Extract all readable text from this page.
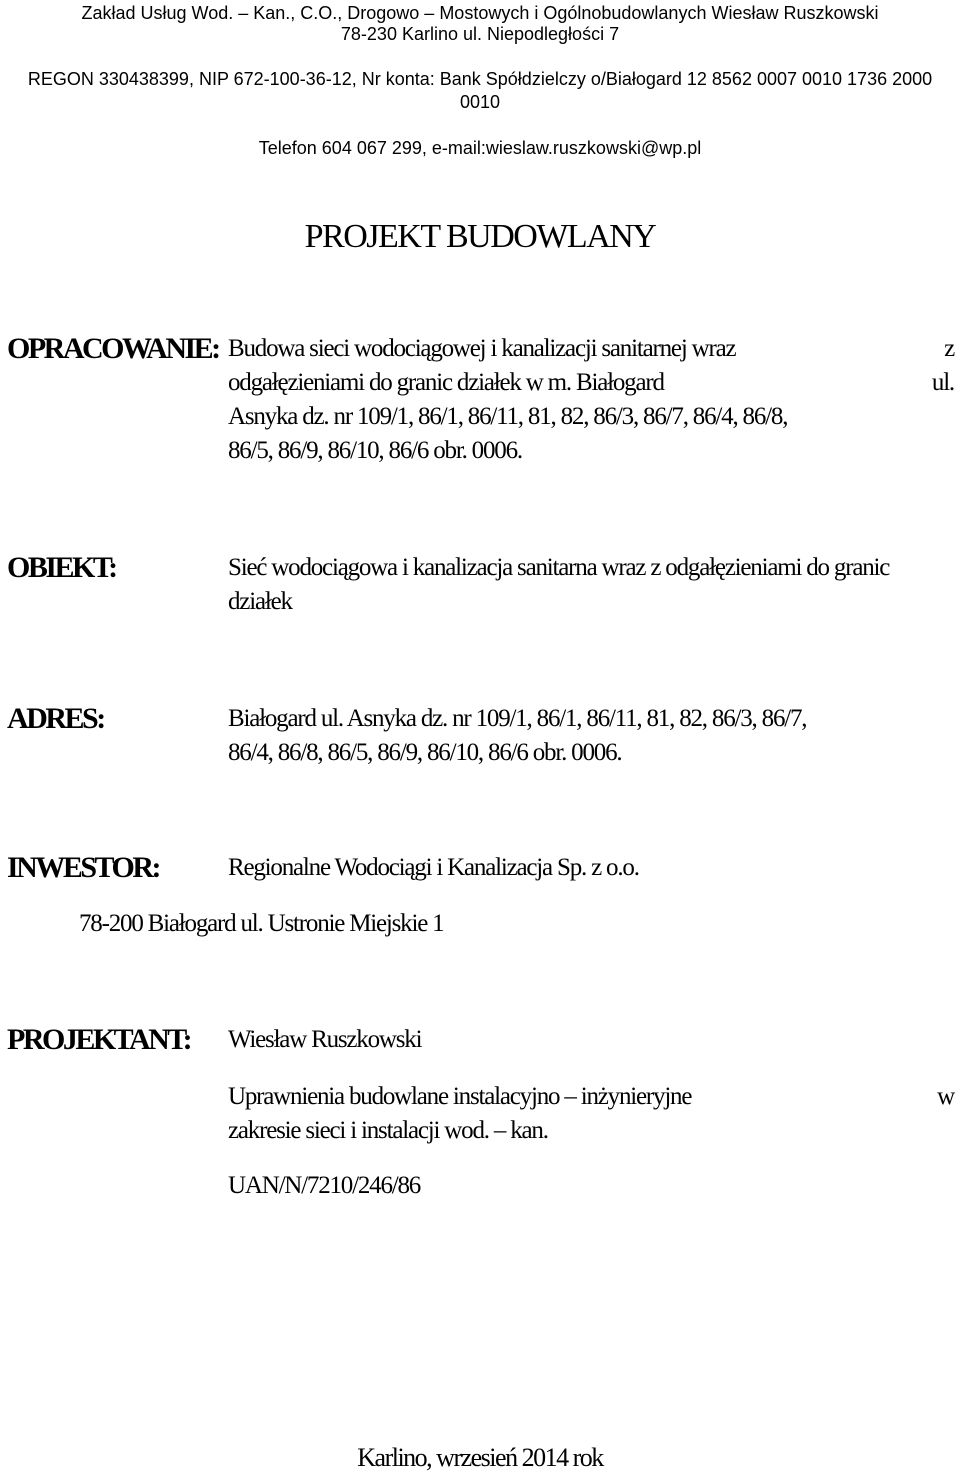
Zakład Usług Wod. – Kan., C.O., Drogowo – Mostowych i Ogólnobudowlanych Wiesław Ruszkowski
78-230 Karlino ul. Niepodległości 7
REGON 330438399, NIP 672-100-36-12, Nr konta: Bank Spółdzielczy o/Białogard 12 8562 0007 0010 1736 2000
0010
Telefon 604 067 299, e-mail:wieslaw.ruszkowski@wp.pl
PROJEKT BUDOWLANY
OPRACOWANIE: Budowa sieci wodociągowej i kanalizacji sanitarnej wraz	z
odgałęzieniami do granic działek w m. Białogard	ul.
Asnyka dz. nr 109/1, 86/1, 86/11, 81, 82, 86/3, 86/7, 86/4, 86/8,
86/5, 86/9, 86/10, 86/6 obr. 0006.
OBIEKT:	Sieć wodociągowa i kanalizacja sanitarna wraz z odgałęzieniami do granic
działek
ADRES:	Białogard ul. Asnyka dz. nr 109/1, 86/1, 86/11, 81, 82, 86/3, 86/7,
86/4, 86/8, 86/5, 86/9, 86/10, 86/6 obr. 0006.
INWESTOR:	Regionalne Wodociągi i Kanalizacja Sp. z o.o.
78-200 Białogard ul. Ustronie Miejskie 1
PROJEKTANT: Wiesław Ruszkowski
Uprawnienia budowlane instalacyjno – inżynieryjne	w
zakresie sieci i instalacji wod. – kan.
UAN/N/7210/246/86
Karlino, wrzesień 2014 rok
